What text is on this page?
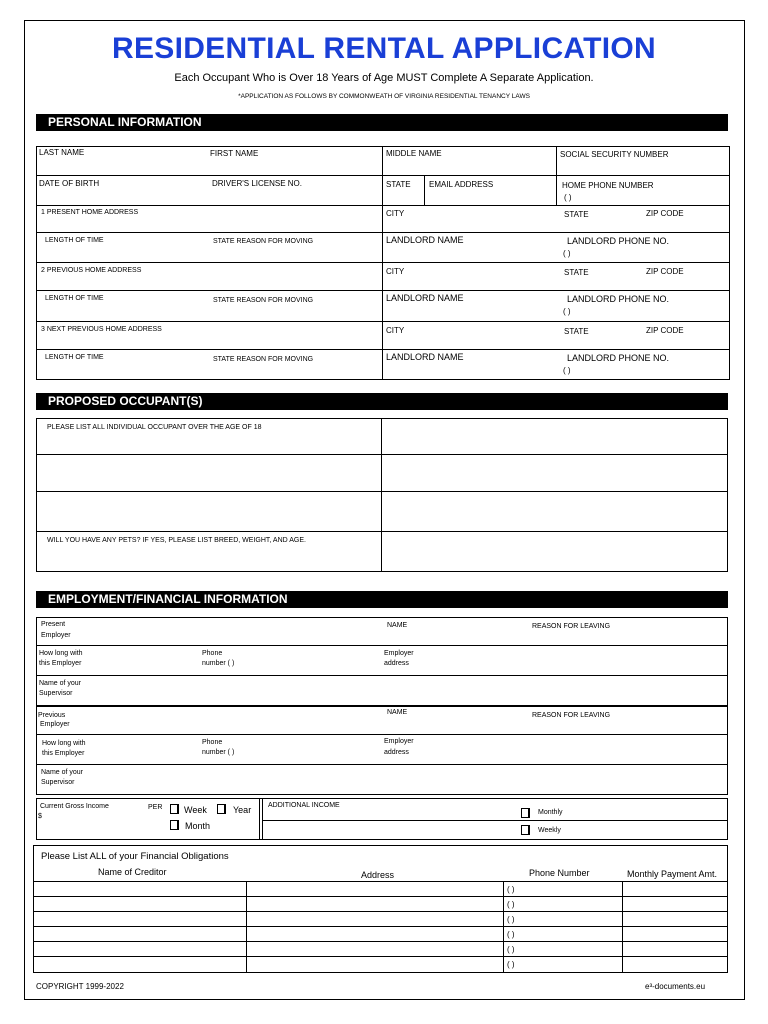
RESIDENTIAL RENTAL APPLICATION
Each Occupant Who is Over 18 Years of Age MUST Complete A Separate Application.
*APPLICATION AS FOLLOWS BY COMMONWEATH OF VIRGINIA RESIDENTIAL TENANCY LAWS
PERSONAL INFORMATION
LAST NAME	FIRST NAME	MIDDLE NAME	SOCIAL SECURITY NUMBER
DATE OF BIRTH	DRIVER'S LICENSE NO.	STATE EMAIL ADDRESS	HOME PHONE NUMBER
( )
1 PRESENT HOME ADDRESS	CITY	STATE	ZIP CODE
LENGTH OF TIME	STATE REASON FOR MOVING	LANDLORD NAME	LANDLORD PHONE NO.
( )
2 PREVIOUS HOME ADDRESS	CITY	STATE	ZIP CODE
LENGTH OF TIME	STATE REASON FOR MOVING	LANDLORD NAME	LANDLORD PHONE NO.
( )
3 NEXT PREVIOUS HOME ADDRESS	CITY	STATE	ZIP CODE
LENGTH OF TIME	STATE REASON FOR MOVING	LANDLORD NAME	LANDLORD PHONE NO.
( )
PROPOSED OCCUPANT(S)
PLEASE LIST ALL INDIVIDUAL OCCUPANT OVER THE AGE OF 18
WILL YOU HAVE ANY PETS? IF YES, PLEASE LIST BREED, WEIGHT, AND AGE.
EMPLOYMENT/FINANCIAL INFORMATION
Present
Employer
NAME	REASON FOR LEAVING
How long with
this Employer
Phone
number ( )
Employer
address
Name of your
Supervisor
Previous
Employer
NAME	REASON FOR LEAVING
How long with
this Employer
Phone
number ( )
Employer
address
Name of your
Supervisor
Current Gross Income
$
PER Week	Year
Month
ADDITIONAL INCOME
Monthly
Weekly
Please List ALL of your Financial Obligations
Name of Creditor	Address	Phone Number	Monthly Payment Amt.
( )
( )
( )
( )
( )
( )
COPYRIGHT 1999-2022	e³-documents.eu
